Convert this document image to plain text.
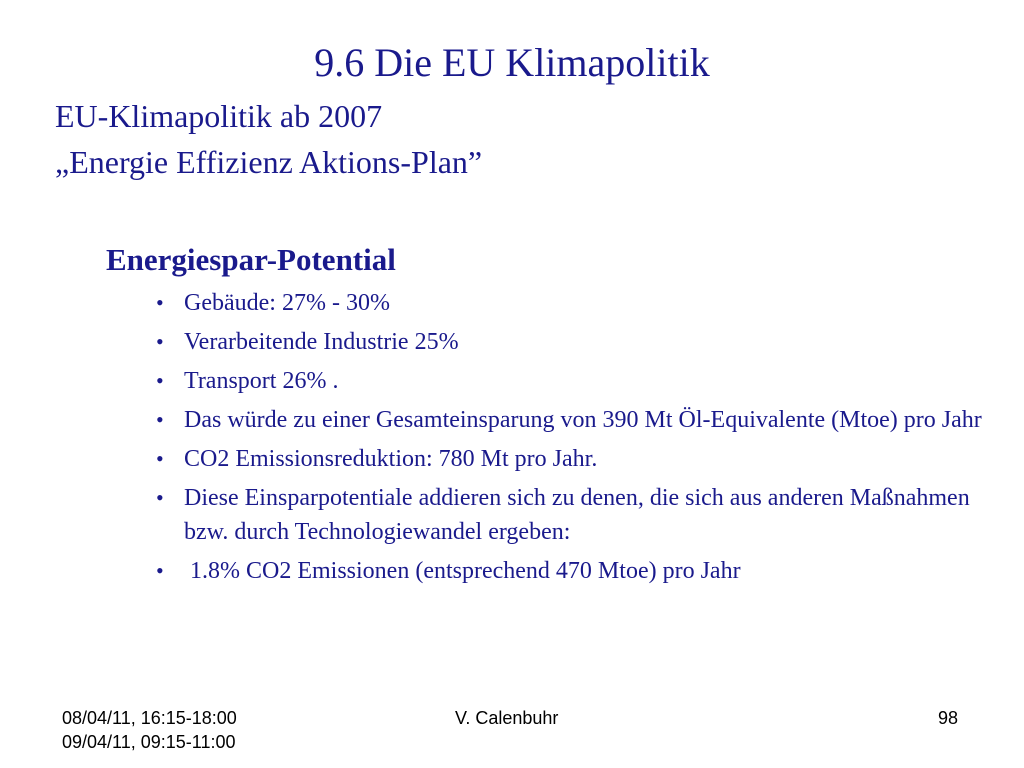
9.6 Die EU Klimapolitik

EU-Klimapolitik ab 2007

„Energie Effizienz Aktions-Plan”

Energiespar-Potential

• Gebäude: 27% - 30%
• Verarbeitende Industrie 25%
• Transport 26% .
• Das würde zu einer Gesamteinsparung von 390 Mt Öl-Equivalente (Mtoe) pro Jahr
• CO2 Emissionsreduktion: 780 Mt pro Jahr.
• Diese Einsparpotentiale addieren sich zu denen, die sich aus anderen Maßnahmen bzw. durch Technologiewandel ergeben:
• 1.8% CO2 Emissionen (entsprechend 470 Mtoe) pro Jahr
08/04/11, 16:15-18:00
09/04/11, 09:15-11:00
V. Calenbuhr	98
